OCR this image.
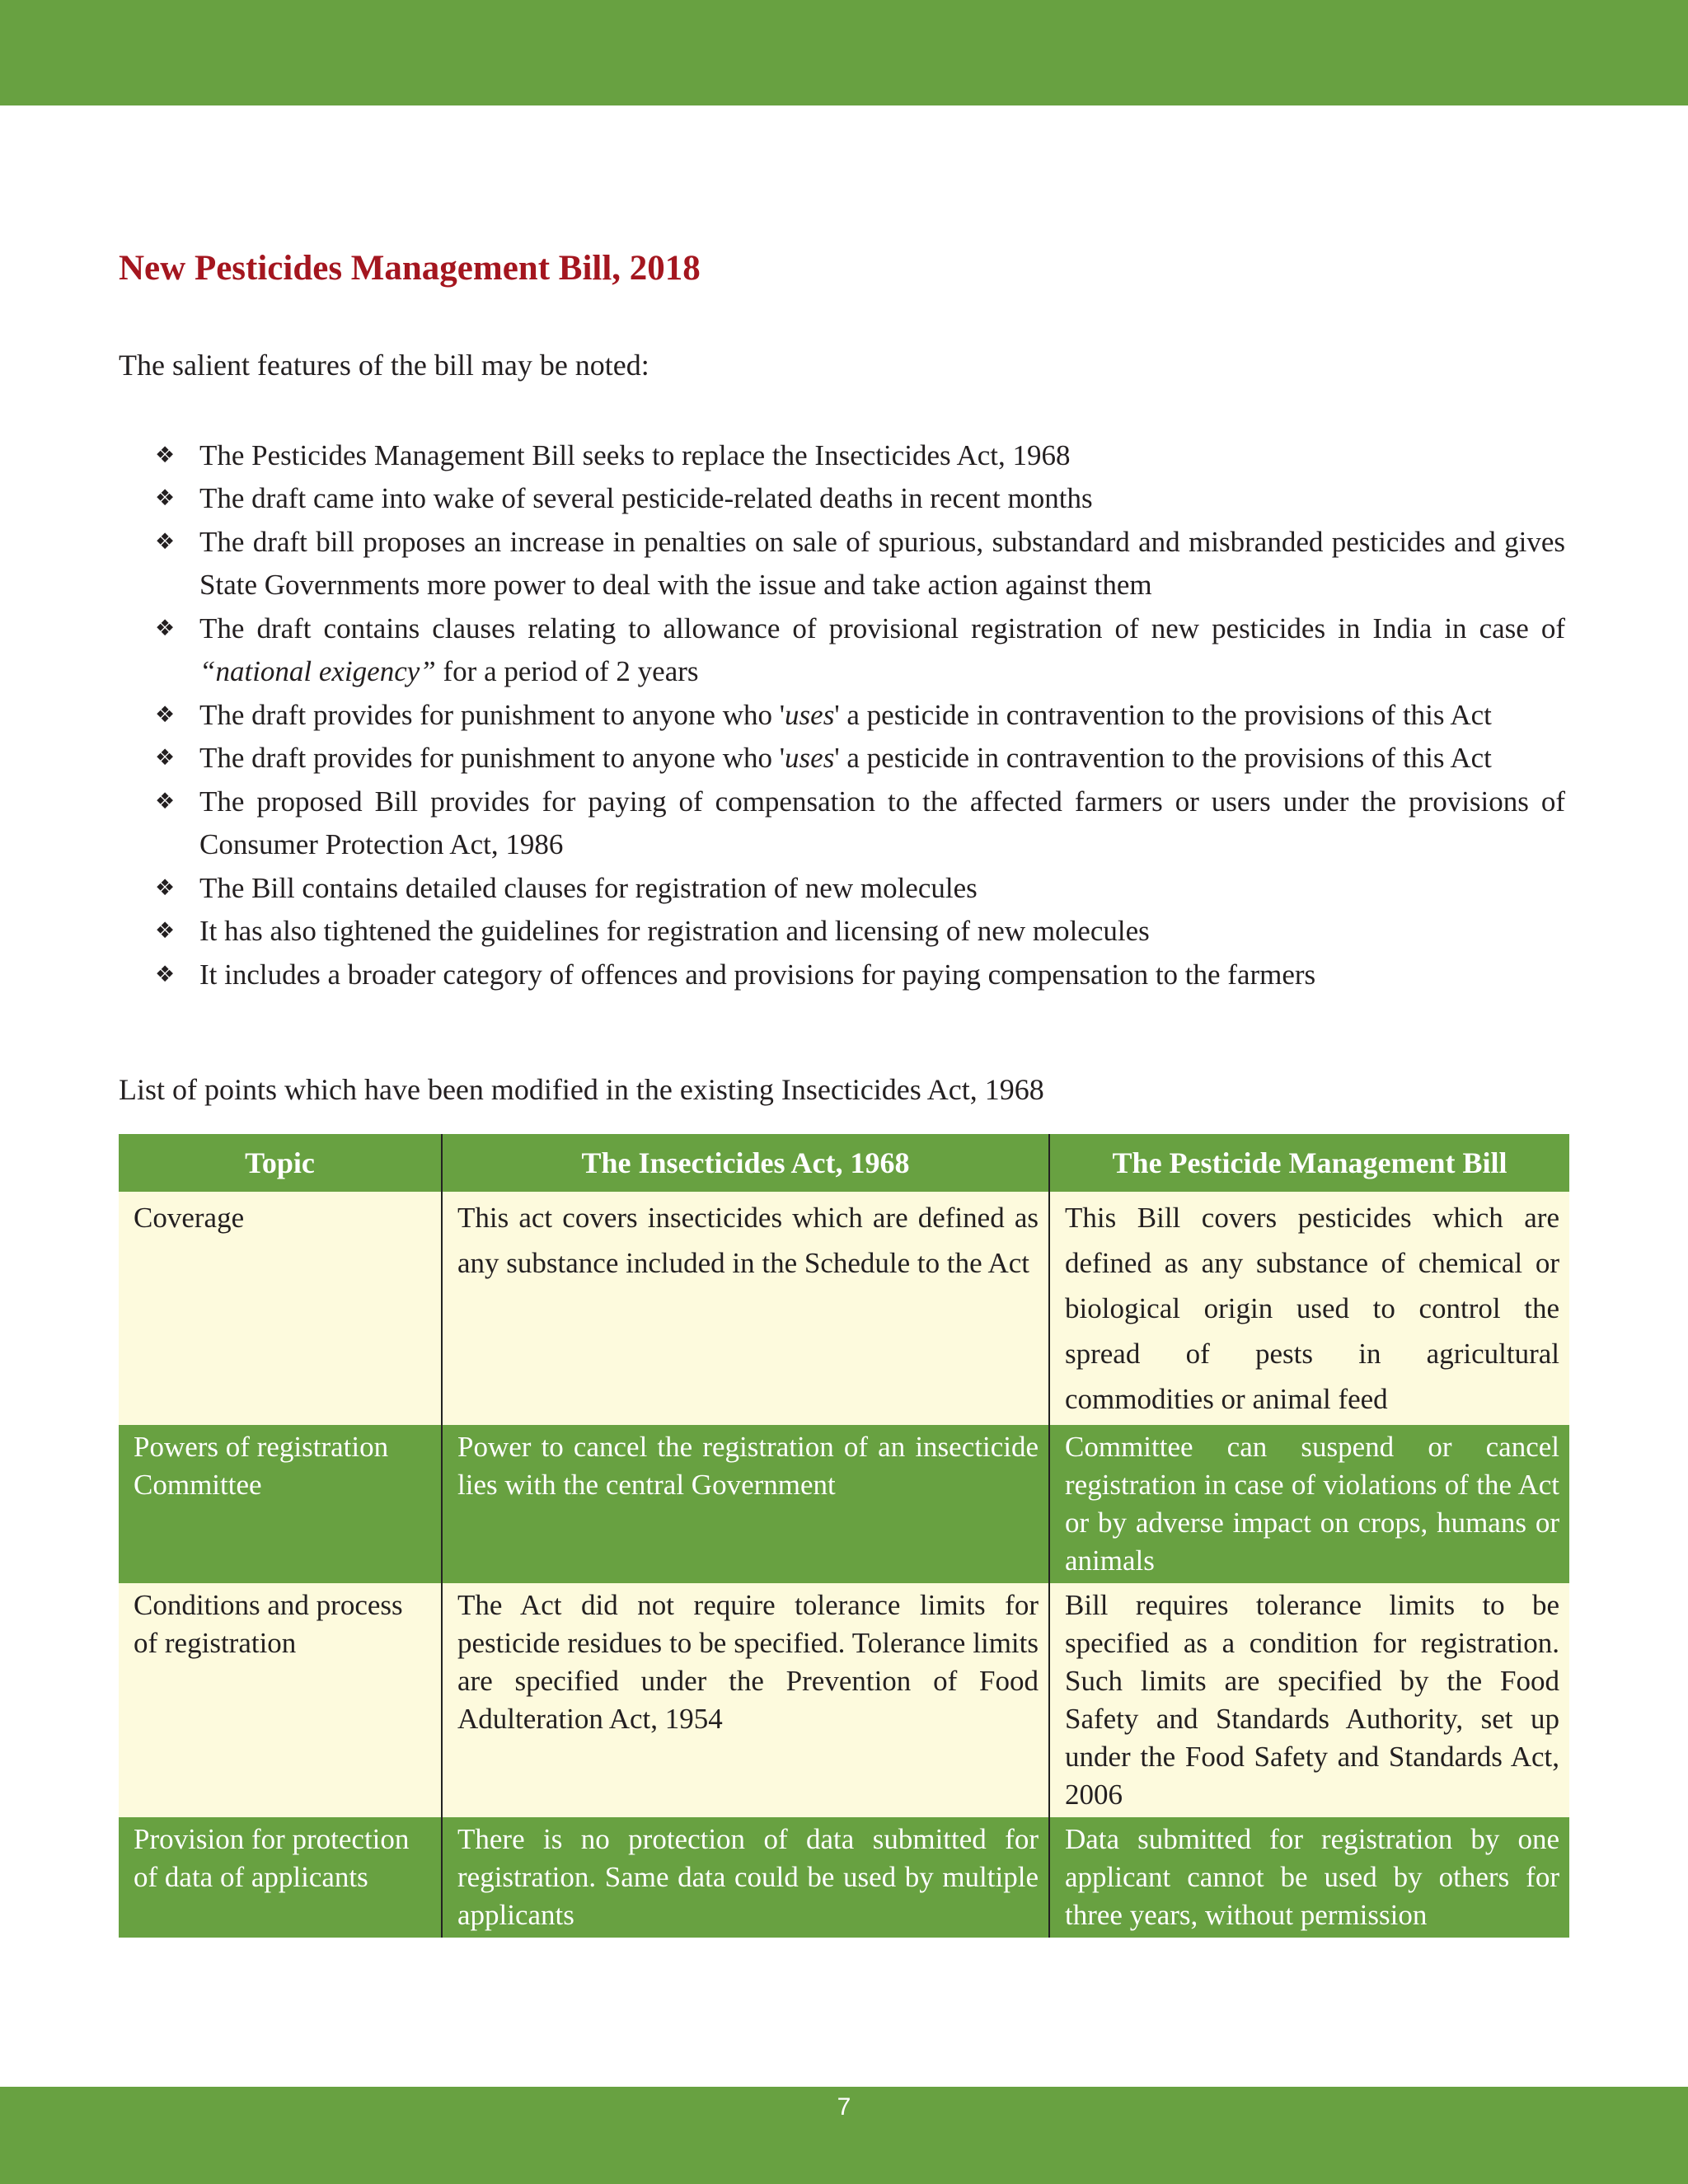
New Pesticides Management Bill, 2018

The salient features of the bill may be noted:

❖ The Pesticides Management Bill seeks to replace the Insecticides Act, 1968
❖ The draft came into wake of several pesticide-related deaths in recent months
❖ The draft bill proposes an increase in penalties on sale of spurious, substandard and misbranded pesticides and gives State Governments more power to deal with the issue and take action against them
❖ The draft contains clauses relating to allowance of provisional registration of new pesticides in India in case of “national exigency” for a period of 2 years
❖ The draft provides for punishment to anyone who 'uses' a pesticide in contravention to the provisions of this Act
❖ The draft provides for punishment to anyone who 'uses' a pesticide in contravention to the provisions of this Act
❖ The proposed Bill provides for paying of compensation to the affected farmers or users under the provisions of Consumer Protection Act, 1986
❖ The Bill contains detailed clauses for registration of new molecules
❖ It has also tightened the guidelines for registration and licensing of new molecules
❖ It includes a broader category of offences and provisions for paying compensation to the farmers

List of points which have been modified in the existing Insecticides Act, 1968

Topic	The Insecticides Act, 1968	The Pesticide Management Bill
Coverage	This act covers insecticides which are defined as any substance included in the Schedule to the Act	This Bill covers pesticides which are defined as any substance of chemical or biological origin used to control the spread of pests in agricultural commodities or animal feed
Powers of registration Committee	Power to cancel the registration of an insecticide lies with the central Government	Committee can suspend or cancel registration in case of violations of the Act or by adverse impact on crops, humans or animals
Conditions and process of registration	The Act did not require tolerance limits for pesticide residues to be specified. Tolerance limits are specified under the Prevention of Food Adulteration Act, 1954	Bill requires tolerance limits to be specified as a condition for registration. Such limits are specified by the Food Safety and Standards Authority, set up under the Food Safety and Standards Act, 2006
Provision for protection of data of applicants	There is no protection of data submitted for registration. Same data could be used by multiple applicants	Data submitted for registration by one applicant cannot be used by others for three years, without permission
7
